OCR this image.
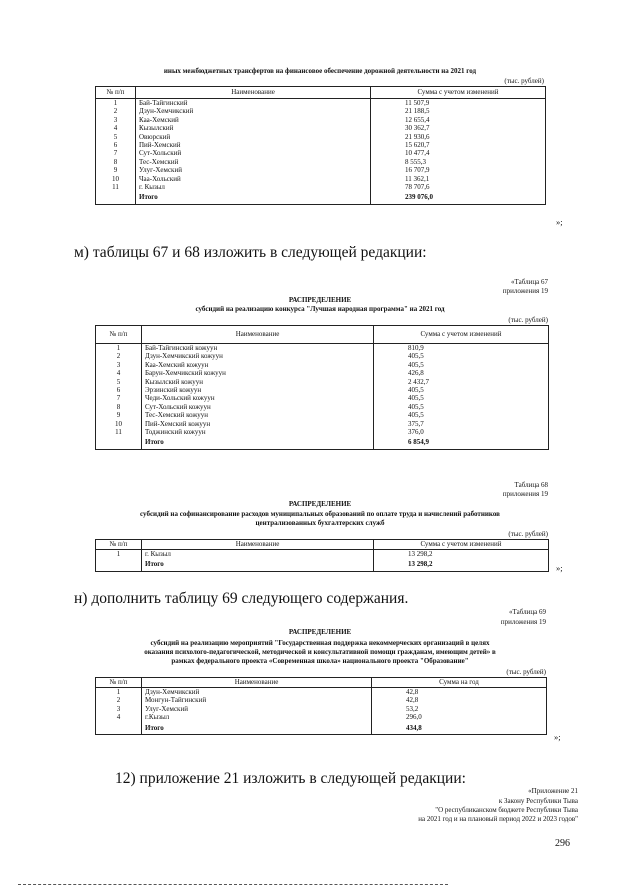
иных межбюджетных трансфертов на финансовое обеспечение дорожной деятельности на 2021 год
(тыс. рублей)
№ п/п	Наименование	Сумма с учетом изменений
1	Бай-Тайгинский	11 507,9
2	Дзун-Хемчикский	21 188,5
3	Каа-Хемский	12 655,4
4	Кызылский	30 362,7
5	Овюрский	21 930,6
6	Пий-Хемский	15 620,7
7	Сут-Хольский	10 477,4
8	Тес-Хемский	8 555,3
9	Улуг-Хемский	16 707,9
10	Чаа-Хольский	11 362,1
11	г. Кызыл	78 707,6
	Итого	239 076,0
»;
м) таблицы 67 и 68 изложить в следующей редакции:
«Таблица 67
приложения 19
РАСПРЕДЕЛЕНИЕ
субсидий на реализацию конкурса "Лучшая народная программа" на 2021 год
(тыс. рублей)
№ п/п	Наименование	Сумма с учетом изменений
1	Бай-Тайгинский кожуун	810,9
2	Дзун-Хемчикский кожуун	405,5
3	Каа-Хемский кожуун	405,5
4	Барун-Хемчикский кожуун	426,8
5	Кызылский кожуун	2 432,7
6	Эрзинский кожуун	405,5
7	Чеди-Хольский кожуун	405,5
8	Сут-Хольский кожуун	405,5
9	Тес-Хемский кожуун	405,5
10	Пий-Хемский кожуун	375,7
11	Тоджинский кожуун	376,0
	Итого	6 854,9
Таблица 68
приложения 19
РАСПРЕДЕЛЕНИЕ
субсидий на софинансирование расходов муниципальных образований по оплате труда и начислений работников
централизованных бухгалтерских служб
(тыс. рублей)
№ п/п	Наименование	Сумма с учетом изменений
1	г. Кызыл	13 298,2
	Итого	13 298,2	»;
н) дополнить таблицу 69 следующего содержания.
«Таблица 69
приложения 19
РАСПРЕДЕЛЕНИЕ
субсидий на реализацию мероприятий "Государственная поддержка некоммерческих организаций в целях
оказания психолого-педагогической, методической и консультативной помощи гражданам, имеющим детей» в
рамках федерального проекта «Современная школа» национального проекта "Образование"
(тыс. рублей)
№ п/п	Наименование	Сумма на год
1	Дзун-Хемчикский	42,8
2	Монгун-Тайгинский	42,8
3	Улуг-Хемский	53,2
4	г.Кызыл	296,0
	Итого	434,8
»;
12) приложение 21 изложить в следующей редакции:
«Приложение 21
к Закону Республики Тыва
"О республиканском бюджете Республики Тыва
на 2021 год и на плановый период 2022 и 2023 годов"
296
